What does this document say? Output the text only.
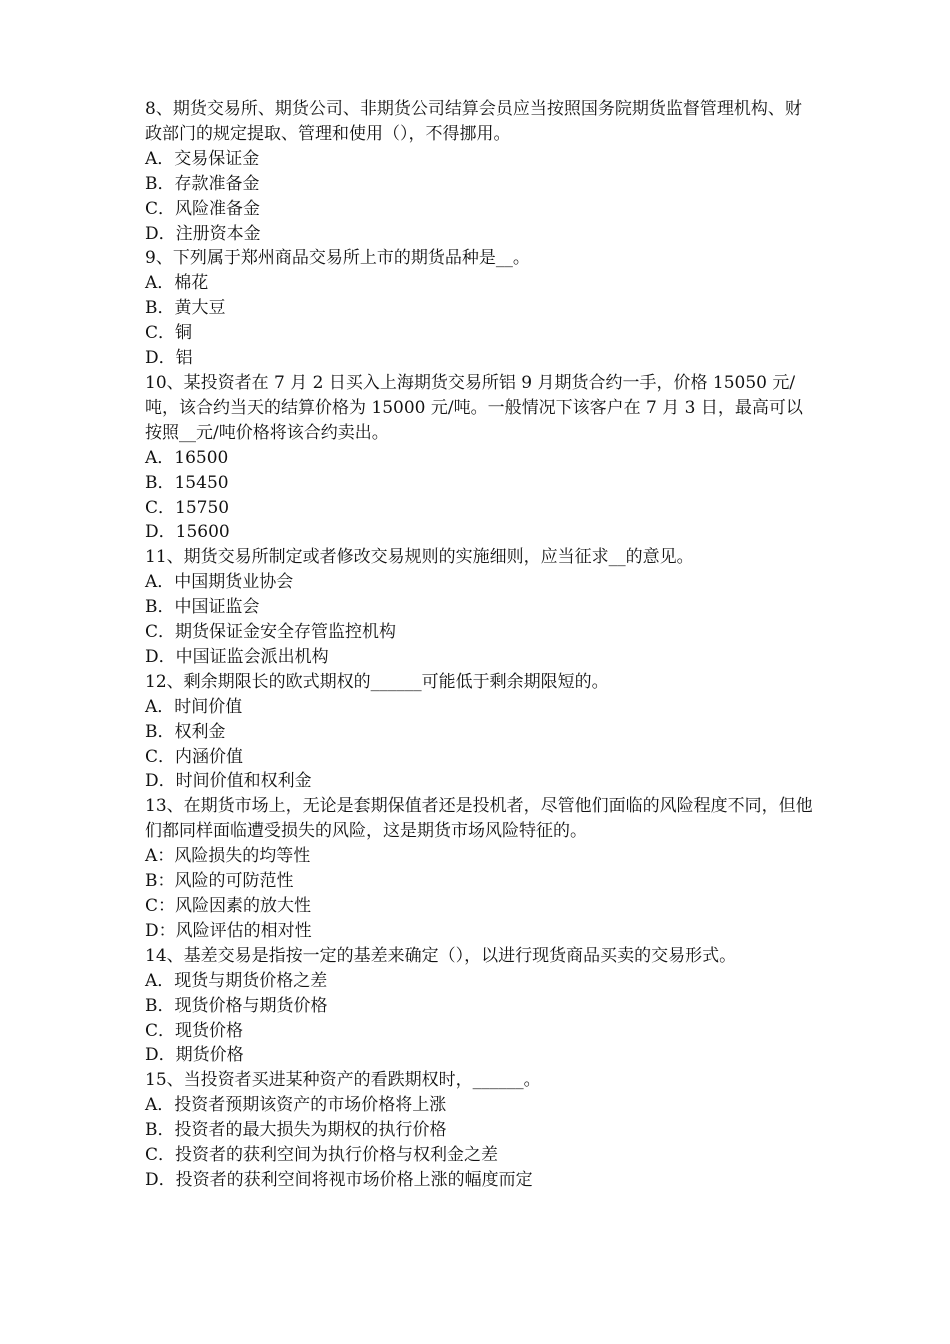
8、期货交易所、期货公司、非期货公司结算会员应当按照国务院期货监督管理机构、财政部门的规定提取、管理和使用（），不得挪用。
A．交易保证金
B．存款准备金
C．风险准备金
D．注册资本金
9、下列属于郑州商品交易所上市的期货品种是__。
A．棉花
B．黄大豆
C．铜
D．铝
10、某投资者在 7 月 2 日买入上海期货交易所铝 9 月期货合约一手，价格 15050 元/吨，该合约当天的结算价格为 15000 元/吨。一般情况下该客户在 7 月 3 日，最高可以按照__元/吨价格将该合约卖出。
A．16500
B．15450
C．15750
D．15600
11、期货交易所制定或者修改交易规则的实施细则，应当征求__的意见。
A．中国期货业协会
B．中国证监会
C．期货保证金安全存管监控机构
D．中国证监会派出机构
12、剩余期限长的欧式期权的______可能低于剩余期限短的。
A．时间价值
B．权利金
C．内涵价值
D．时间价值和权利金
13、在期货市场上，无论是套期保值者还是投机者，尽管他们面临的风险程度不同，但他们都同样面临遭受损失的风险，这是期货市场风险特征的。
A：风险损失的均等性
B：风险的可防范性
C：风险因素的放大性
D：风险评估的相对性
14、基差交易是指按一定的基差来确定（），以进行现货商品买卖的交易形式。
A．现货与期货价格之差
B．现货价格与期货价格
C．现货价格
D．期货价格
15、当投资者买进某种资产的看跌期权时，______。
A．投资者预期该资产的市场价格将上涨
B．投资者的最大损失为期权的执行价格
C．投资者的获利空间为执行价格与权利金之差
D．投资者的获利空间将视市场价格上涨的幅度而定
